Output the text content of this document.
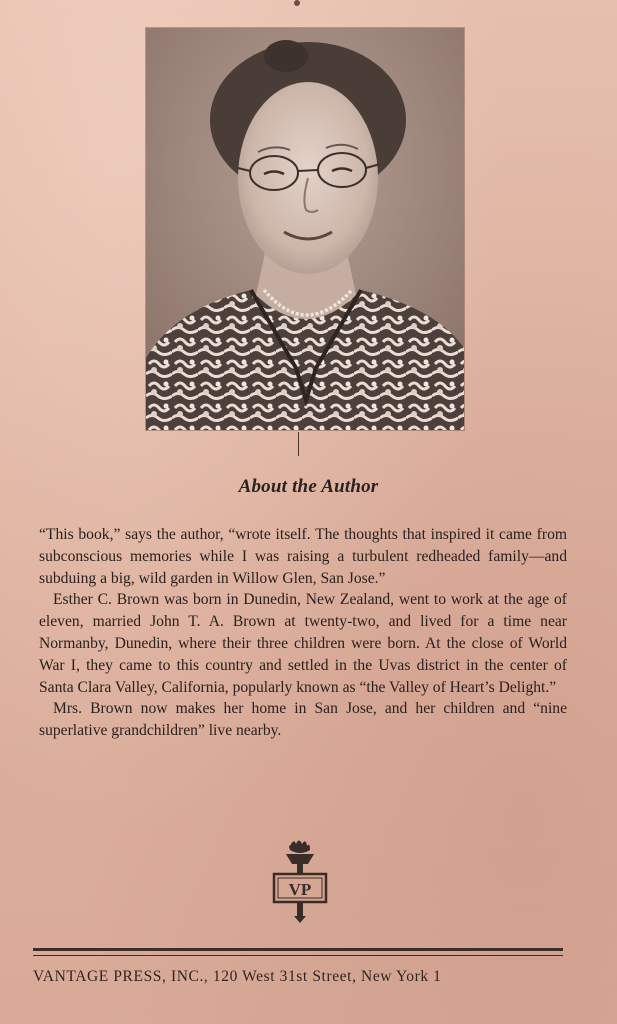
About the Author

“This book,” says the author, “wrote itself. The thoughts that inspired it came from subconscious memories while I was raising a turbulent redheaded family—and subduing a big, wild garden in Willow Glen, San Jose.”

Esther C. Brown was born in Dunedin, New Zealand, went to work at the age of eleven, married John T. A. Brown at twenty-two, and lived for a time near Normanby, Dunedin, where their three children were born. At the close of World War I, they came to this country and settled in the Uvas district in the center of Santa Clara Valley, California, popularly known as “the Valley of Heart’s Delight.”

Mrs. Brown now makes her home in San Jose, and her children and “nine superlative grandchildren” live nearby.

VP
VANTAGE PRESS, INC., 120 West 31st Street, New York 1
